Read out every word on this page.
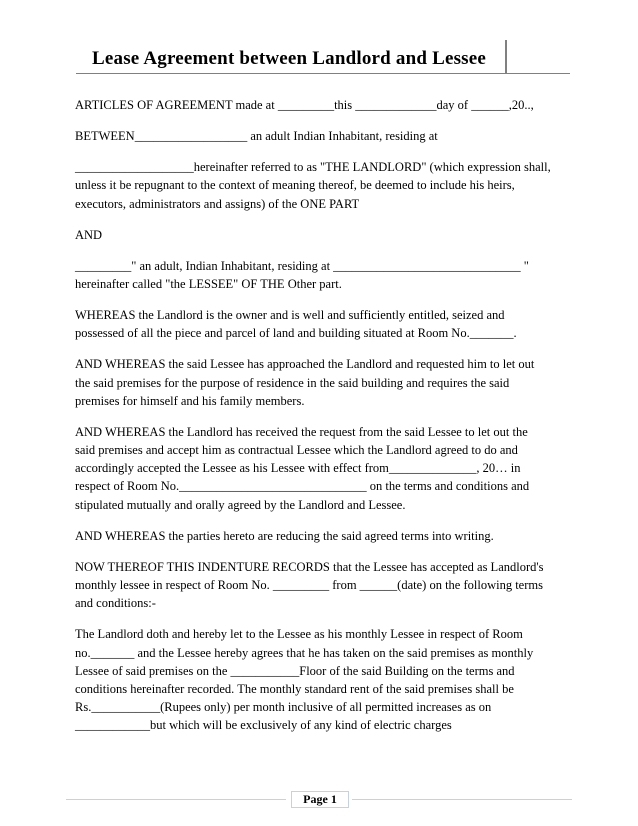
Lease Agreement between Landlord and Lessee

ARTICLES OF AGREEMENT made at _________this _____________day of ______,20..,

BETWEEN__________________ an adult Indian Inhabitant, residing at

___________________hereinafter referred to as "THE LANDLORD" (which expression shall,
unless it be repugnant to the context of meaning thereof, be deemed to include his heirs,
executors, administrators and assigns) of the ONE PART

AND

_________" an adult, Indian Inhabitant, residing at ______________________________ "
hereinafter called "the LESSEE" OF THE Other part.

WHEREAS the Landlord is the owner and is well and sufficiently entitled, seized and
possessed of all the piece and parcel of land and building situated at Room No._______.

AND WHEREAS the said Lessee has approached the Landlord and requested him to let out
the said premises for the purpose of residence in the said building and requires the said
premises for himself and his family members.

AND WHEREAS the Landlord has received the request from the said Lessee to let out the
said premises and accept him as contractual Lessee which the Landlord agreed to do and
accordingly accepted the Lessee as his Lessee with effect from______________, 20… in
respect of Room No.______________________________ on the terms and conditions and
stipulated mutually and orally agreed by the Landlord and Lessee.

AND WHEREAS the parties hereto are reducing the said agreed terms into writing.

NOW THEREOF THIS INDENTURE RECORDS that the Lessee has accepted as Landlord's
monthly lessee in respect of Room No. _________ from ______(date) on the following terms
and conditions:-

The Landlord doth and hereby let to the Lessee as his monthly Lessee in respect of Room
no._______ and the Lessee hereby agrees that he has taken on the said premises as monthly
Lessee of said premises on the ___________Floor of the said Building on the terms and
conditions hereinafter recorded. The monthly standard rent of the said premises shall be
Rs.___________(Rupees only) per month inclusive of all permitted increases as on
____________but which will be exclusively of any kind of electric charges

Page 1
